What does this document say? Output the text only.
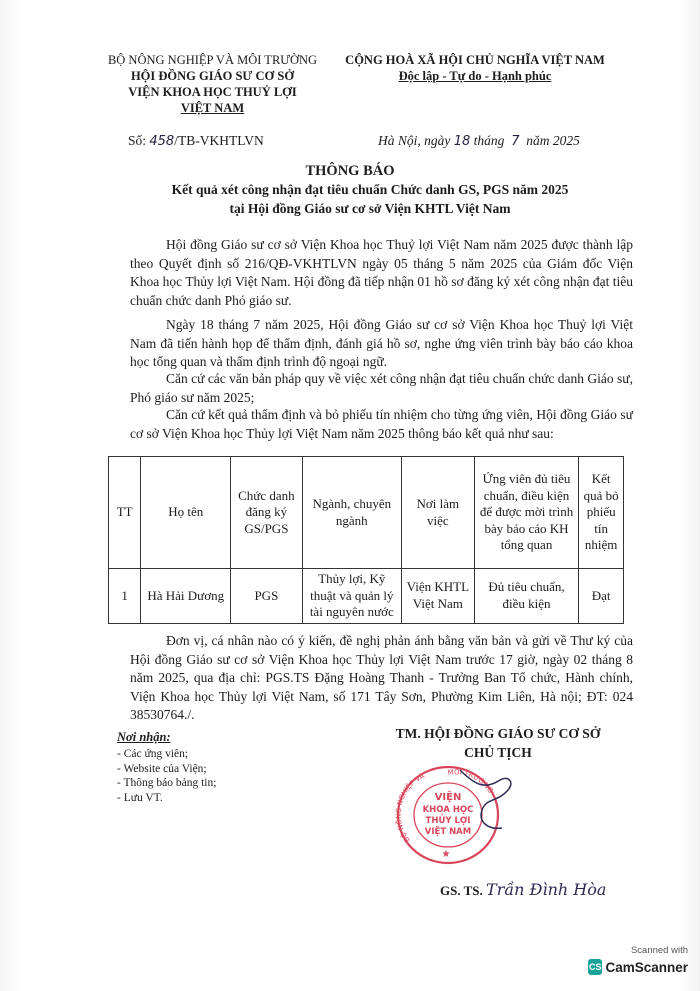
BỘ NÔNG NGHIỆP VÀ MÔI TRƯỜNG
HỘI ĐỒNG GIÁO SƯ CƠ SỞ
VIỆN KHOA HỌC THUỶ LỢI
VIỆT NAM
CỘNG HOÀ XÃ HỘI CHỦ NGHĨA VIỆT NAM
Độc lập - Tự do - Hạnh phúc
Số: 458/TB-VKHTLVN	Hà Nội, ngày 18 tháng 7 năm 2025
THÔNG BÁO
Kết quả xét công nhận đạt tiêu chuẩn Chức danh GS, PGS năm 2025
tại Hội đồng Giáo sư cơ sở Viện KHTL Việt Nam
Hội đồng Giáo sư cơ sở Viện Khoa học Thuỷ lợi Việt Nam năm 2025 được thành lập theo Quyết định số 216/QĐ-VKHTLVN ngày 05 tháng 5 năm 2025 của Giám đốc Viện Khoa học Thủy lợi Việt Nam. Hội đồng đã tiếp nhận 01 hồ sơ đăng ký xét công nhận đạt tiêu chuẩn chức danh Phó giáo sư.
Ngày 18 tháng 7 năm 2025, Hội đồng Giáo sư cơ sở Viện Khoa học Thuỷ lợi Việt Nam đã tiến hành họp để thẩm định, đánh giá hồ sơ, nghe ứng viên trình bày báo cáo khoa học tổng quan và thẩm định trình độ ngoại ngữ.
Căn cứ các văn bản pháp quy về việc xét công nhận đạt tiêu chuẩn chức danh Giáo sư, Phó giáo sư năm 2025;
Căn cứ kết quả thẩm định và bỏ phiếu tín nhiệm cho từng ứng viên, Hội đồng Giáo sư cơ sở Viện Khoa học Thủy lợi Việt Nam năm 2025 thông báo kết quả như sau:
TT	Họ tên	Chức danh đăng ký GS/PGS	Ngành, chuyên ngành	Nơi làm việc	Ứng viên đủ tiêu chuẩn, điều kiện để được mời trình bày báo cáo KH tổng quan	Kết quả bỏ phiếu tín nhiệm
1	Hà Hải Dương	PGS	Thủy lợi, Kỹ thuật và quản lý tài nguyên nước	Viện KHTL Việt Nam	Đủ tiêu chuẩn, điều kiện	Đạt
Đơn vị, cá nhân nào có ý kiến, đề nghị phản ánh bằng văn bản và gửi về Thư ký của Hội đồng Giáo sư cơ sở Viện Khoa học Thủy lợi Việt Nam trước 17 giờ, ngày 02 tháng 8 năm 2025, qua địa chỉ: PGS.TS Đặng Hoàng Thanh - Trưởng Ban Tổ chức, Hành chính, Viện Khoa học Thủy lợi Việt Nam, số 171 Tây Sơn, Phường Kim Liên, Hà nội; ĐT: 024 38530764./.
Nơi nhận:
- Các ứng viên;
- Website của Viện;
- Thông báo bảng tin;
- Lưu VT.
TM. HỘI ĐỒNG GIÁO SƯ CƠ SỞ
CHỦ TỊCH
BỘ NÔNG NGHIỆP VÀ	MÔI TRƯỜNG
VIỆN
KHOA HỌC
THỦY LỢI
VIỆT NAM
★
GS. TS. Trần Đình Hòa
Scanned with
CS CamScanner
